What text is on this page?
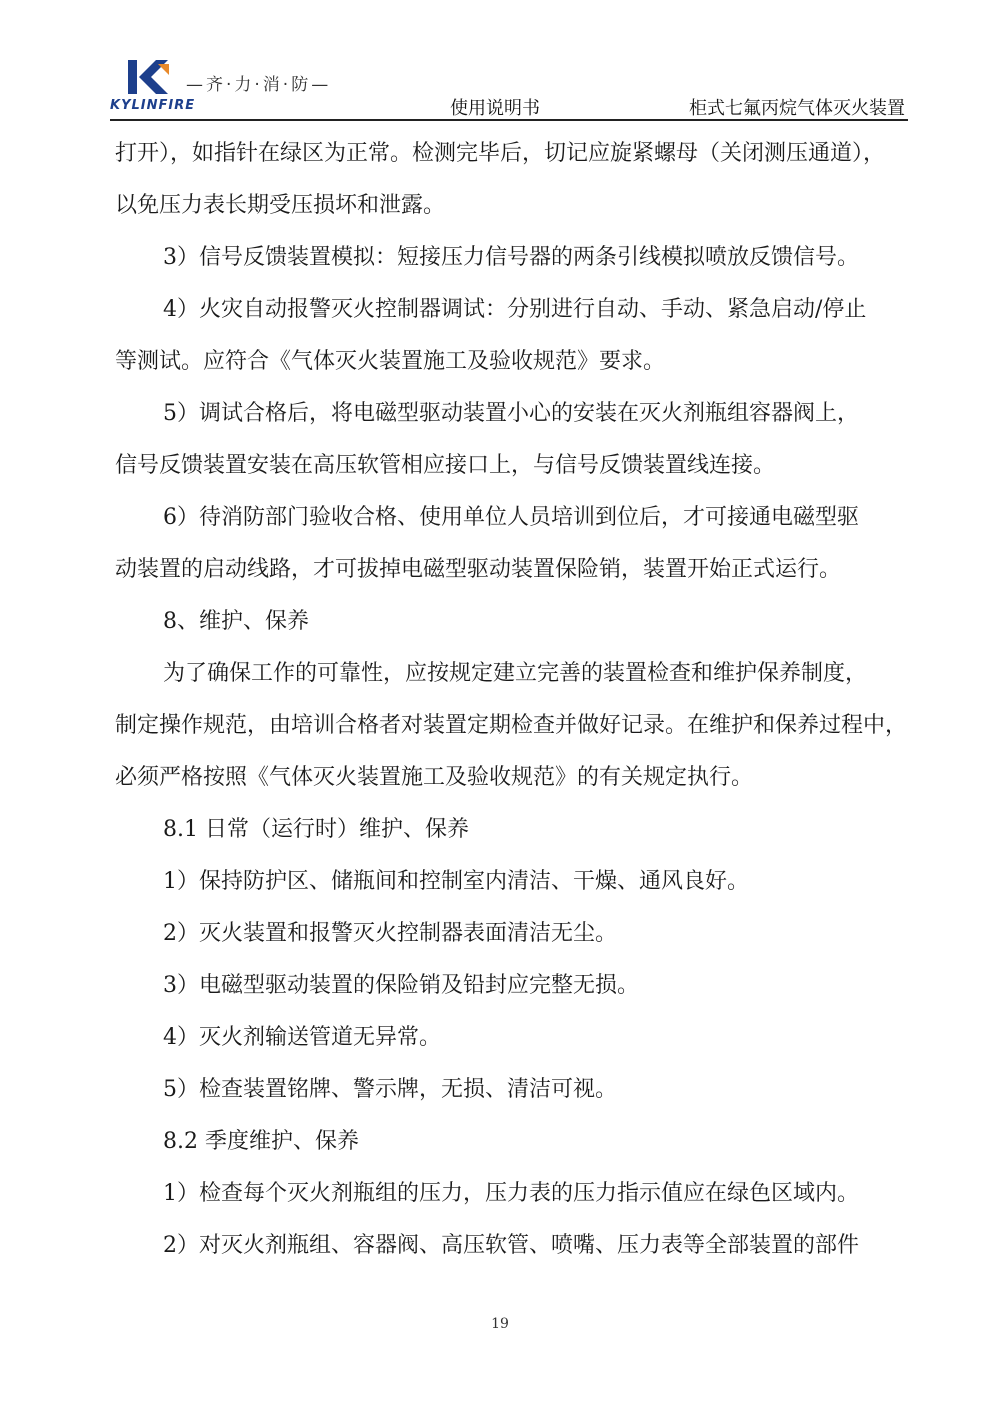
—齐·力·消·防—
KYLINFIRE	使用说明书	柜式七氟丙烷气体灭火装置
打开），如指针在绿区为正常。检测完毕后，切记应旋紧螺母（关闭测压通道），
以免压力表长期受压损坏和泄露。
3）信号反馈装置模拟：短接压力信号器的两条引线模拟喷放反馈信号。
4）火灾自动报警灭火控制器调试：分别进行自动、手动、紧急启动/停止
等测试。应符合《气体灭火装置施工及验收规范》要求。
5）调试合格后，将电磁型驱动装置小心的安装在灭火剂瓶组容器阀上，
信号反馈装置安装在高压软管相应接口上，与信号反馈装置线连接。
6）待消防部门验收合格、使用单位人员培训到位后，才可接通电磁型驱
动装置的启动线路，才可拔掉电磁型驱动装置保险销，装置开始正式运行。
8、维护、保养
为了确保工作的可靠性，应按规定建立完善的装置检查和维护保养制度，
制定操作规范，由培训合格者对装置定期检查并做好记录。在维护和保养过程中，
必须严格按照《气体灭火装置施工及验收规范》的有关规定执行。
8.1 日常（运行时）维护、保养
1）保持防护区、储瓶间和控制室内清洁、干燥、通风良好。
2）灭火装置和报警灭火控制器表面清洁无尘。
3）电磁型驱动装置的保险销及铅封应完整无损。
4）灭火剂输送管道无异常。
5）检查装置铭牌、警示牌，无损、清洁可视。
8.2 季度维护、保养
1）检查每个灭火剂瓶组的压力，压力表的压力指示值应在绿色区域内。
2）对灭火剂瓶组、容器阀、高压软管、喷嘴、压力表等全部装置的部件
19
